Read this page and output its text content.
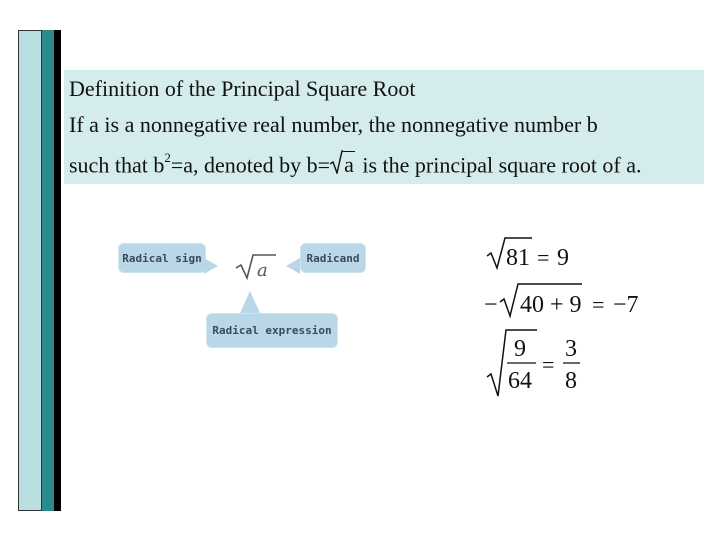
Definition of the Principal Square Root
If a is a nonnegative real number, the nonnegative number b
such that $b^2=a$, denoted by b= a is the principal square root of a.
Radical sign	Radicand
Radical expression
a	81 = 9
− 40 + 9 = −7
9
64
=
3
8
